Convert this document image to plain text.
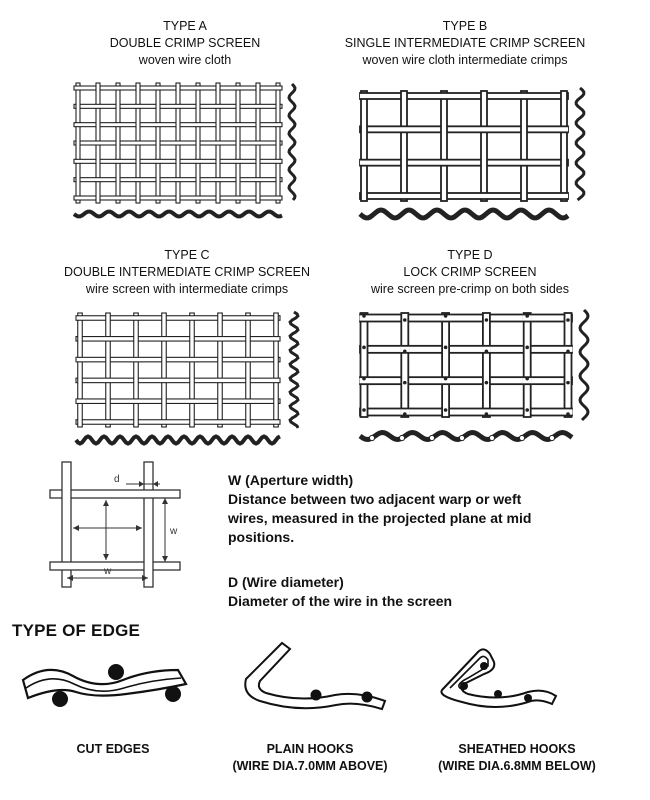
TYPE A
DOUBLE CRIMP SCREEN
woven wire cloth
TYPE B
SINGLE INTERMEDIATE CRIMP SCREEN
woven wire cloth intermediate crimps
TYPE C
DOUBLE INTERMEDIATE CRIMP SCREEN
wire screen with intermediate crimps
TYPE D
LOCK CRIMP SCREEN
wire screen pre-crimp on both sides
d
w
w
W (Aperture width)
Distance between two adjacent warp or weft
wires, measured in the projected plane at mid
positions.
D (Wire diameter)
Diameter of the wire in the screen
TYPE OF EDGE
CUT EDGES	PLAIN HOOKS
(WIRE DIA.7.0MM ABOVE)
SHEATHED HOOKS
(WIRE DIA.6.8MM BELOW)
